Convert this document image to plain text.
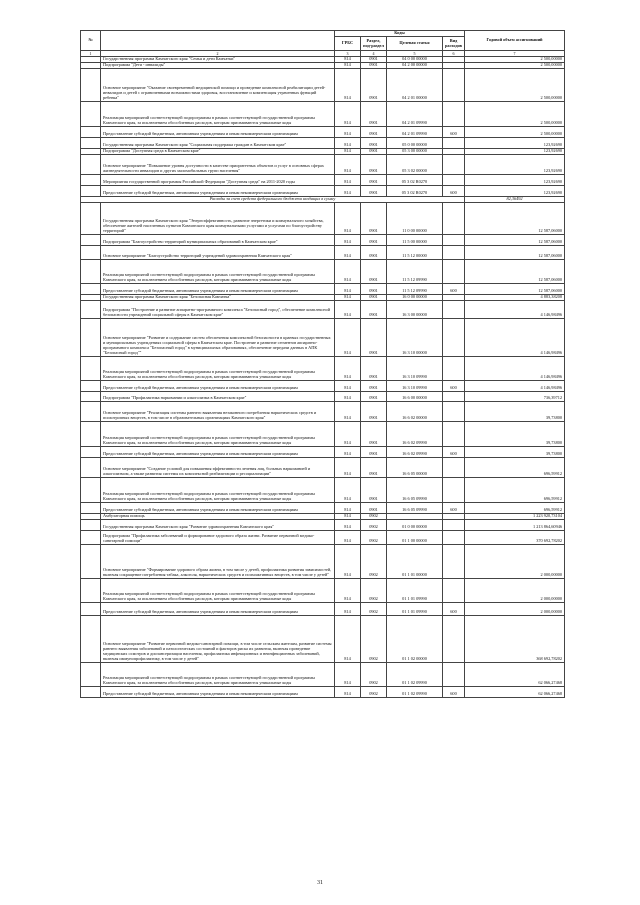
№		Коды				Годовой объем ассигнований
		ГРБС	Раздел, под-раздел	Целевая статья	Вид расходов	
1	2	3	4	5	6	7
	Государственная программа Камчатского края "Семья и дети Камчатки"	814	0901	04 0 00 00000		2 500,00000
	Подпрограмма "Дети - инвалиды"	814	0901	04 2 00 00000		2 500,00000
	Основное мероприятие "Оказание своевременной медицинской помощи и проведение комплексной реабилитации детей-инвалидов и детей с ограниченными возможностями здоровья, восстановление и компенсация утраченных функций ребенка"	814	0901	04 2 01 00000		2 500,00000
	Реализация мероприятий соответствующей подпрограммы в рамках соответствующей государственной программы Камчатского края, за исключением обособленных расходов, которым присваиваются уникальные коды	814	0901	04 2 01 09990		2 500,00000
	Предоставление субсидий бюджетным, автономным учреждениям и иным некоммерческим организациям	814	0901	04 2 01 09990	600	2 500,00000
	Государственная программа Камчатского края "Социальная поддержка граждан в Камчатском крае"	814	0901	05 0 00 00000		123,92690
	Подпрограмма "Доступная среда в Камчатском крае"	814	0901	05 3 00 00000		123,92690
	Основное мероприятие "Повышение уровня доступности в качестве приоритетных объектов и услуг в основных сферах жизнедеятельности инвалидов и других маломобильных групп населения"	814	0901	05 3 02 00000		123,92690
	Мероприятия государственной программы Российской Федерации "Доступная среда" на 2011-2020 годы	814	0901	05 3 02 R0270		123,92690
	Предоставление субсидий бюджетным, автономным учреждениям и иным некоммерческим организациям	814	0901	05 3 02 R0270	600	123,92690
Расходы за счет средств федерального бюджета входящих в сумму						82,36492
	Государственная программа Камчатского края "Энергоэффективность, развитие энергетики и коммунального хозяйства, обеспечение жителей населенных пунктов Камчатского края коммунальными услугами и услугами по благоустройству территорий"	814	0901	11 0 00 00000		12 587,06000
	Подпрограмма "Благоустройство территорий муниципальных образований в Камчатском крае"	814	0901	11 5 00 00000		12 587,06000
	Основное мероприятие "Благоустройство территорий учреждений здравоохранения Камчатского края"	814	0901	11 5 12 00000		12 587,06000
	Реализация мероприятий соответствующей подпрограммы в рамках соответствующей государственной программы Камчатского края, за исключением обособленных расходов, которым присваиваются уникальные коды	814	0901	11 5 12 09990		12 587,06000
	Предоставление субсидий бюджетным, автономным учреждениям и иным некоммерческим организациям	814	0901	11 5 12 09990	600	12 587,06000
	Государственная программа Камчатского края "Безопасная Камчатка"	814	0901	16 0 00 00000		4 883,38208
	Подпрограмма "Построение и развитие аппаратно-программного комплекса "Безопасный город", обеспечение комплексной безопасности учреждений социальной сферы в Камчатском крае"	814	0901	16 3 00 00000		4 146,98496
	Основное мероприятие "Развитие и содержание систем обеспечения комплексной безопасности в краевых государственных и муниципальных учреждениях социальной сферы в Камчатском крае. Построение и развитие сегментов аппаратно-программного комплекса "Безопасный город" в муниципальных образованиях, обеспечение передачи данных в АПК "Безопасный город""	814	0901	16 3 10 00000		4 146,98496
	Реализация мероприятий соответствующей подпрограммы в рамках соответствующей государственной программы Камчатского края, за исключением обособленных расходов, которым присваиваются уникальные коды	814	0901	16 3 10 09990		4 146,98496
	Предоставление субсидий бюджетным, автономным учреждениям и иным некоммерческим организациям	814	0901	16 3 10 09990	600	4 146,98496
	Подпрограмма "Профилактика наркомании и алкоголизма в Камчатском крае"	814	0901	16 6 00 00000		736,39712
	Основное мероприятие "Реализация системы раннего выявления незаконного потребления наркотических средств и психотропных веществ, в том числе в образовательных организациях Камчатского края"	814	0901	16 6 02 00000		39,73800
	Реализация мероприятий соответствующей подпрограммы в рамках соответствующей государственной программы Камчатского края, за исключением обособленных расходов, которым присваиваются уникальные коды	814	0901	16 6 02 09990		39,73800
	Предоставление субсидий бюджетным, автономным учреждениям и иным некоммерческим организациям	814	0901	16 6 02 09990	600	39,73800
	Основное мероприятие "Создание условий для повышения эффективности лечения лиц, больных наркоманией и алкоголизмом, а также развития системы их комплексной реабилитации и ресоциализации"	814	0901	16 6 05 00000		696,59912
	Реализация мероприятий соответствующей подпрограммы в рамках соответствующей государственной программы Камчатского края, за исключением обособленных расходов, которым присваиваются уникальные коды	814	0901	16 6 05 09990		696,59912
	Предоставление субсидий бюджетным, автономным учреждениям и иным некоммерческим организациям	814	0901	16 6 05 09990	600	696,59912
	Амбулаторная помощь	814	0902			1 223 920,73104
	Государственная программа Камчатского края "Развитие здравоохранения Камчатского края"	814	0902	01 0 00 00000		1 213 864,60946
	Подпрограмма "Профилактика заболеваний и формирование здорового образа жизни. Развитие первичной медико-санитарной помощи"	814	0902	01 1 00 00000		370 692,78202
	Основное мероприятие "Формирование здорового образа жизни, в том числе у детей, профилактика развития зависимостей, включая сокращение потребления табака, алкоголя, наркотических средств и психоактивных веществ, в том числе у детей"	814	0902	01 1 01 00000		2 000,00000
	Реализация мероприятий соответствующей подпрограммы в рамках соответствующей государственной программы Камчатского края, за исключением обособленных расходов, которым присваиваются уникальные коды	814	0902	01 1 01 09990		2 000,00000
	Предоставление субсидий бюджетным, автономным учреждениям и иным некоммерческим организациям	814	0902	01 1 01 09990	600	2 000,00000
	Основное мероприятие "Развитие первичной медико-санитарной помощи, в том числе сельским жителям, развитие системы раннего выявления заболеваний и патологических состояний и факторов риска их развития, включая проведение медицинских осмотров и диспансеризации населения, профилактика инфекционных и неинфекционных заболеваний, включая иммунопрофилактику, в том числе у детей"	814	0902	01 1 02 00000		368 692,78202
	Реализация мероприятий соответствующей подпрограммы в рамках соответствующей государственной программы Камчатского края, за исключением обособленных расходов, которым присваиваются уникальные коды	814	0902	01 1 02 09990		62 066,27468
	Предоставление субсидий бюджетным, автономным учреждениям и иным некоммерческим организациям	814	0902	01 1 02 09990	600	62 066,27468
31
